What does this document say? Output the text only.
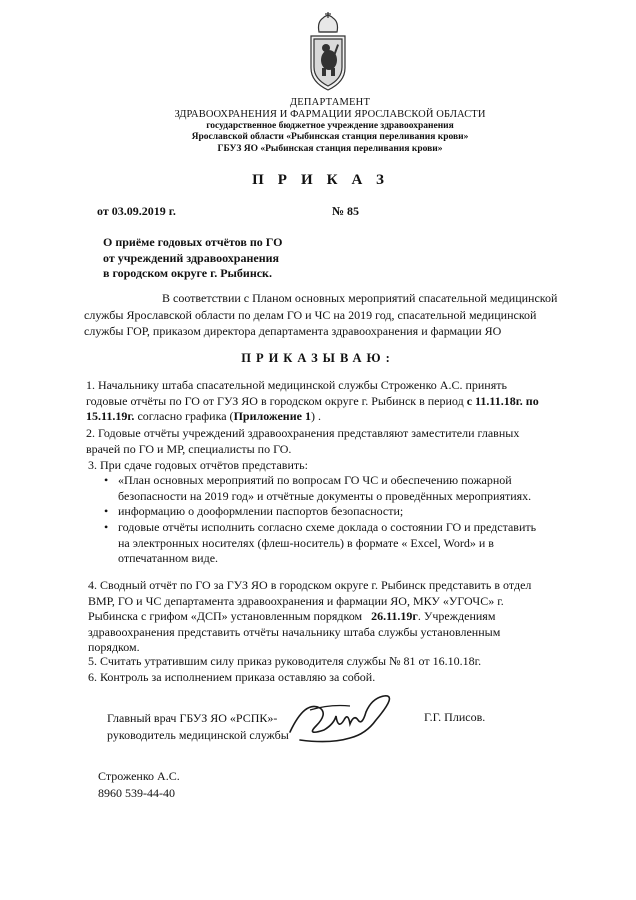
ДЕПАРТАМЕНТ
ЗДРАВООХРАНЕНИЯ И ФАРМАЦИИ ЯРОСЛАВСКОЙ ОБЛАСТИ
государственное бюджетное учреждение здравоохранения
Ярославской области «Рыбинская станция переливания крови»
ГБУЗ ЯО «Рыбинская станция переливания крови»
ПРИКАЗ
от 03.09.2019 г.	№ 85
О приёме годовых отчётов по ГО
от учреждений здравоохранения
в городском округе г. Рыбинск.
В соответствии с Планом основных мероприятий спасательной медицинской
службы Ярославской области по делам ГО и ЧС на 2019 год, спасательной медицинской
службы ГОР, приказом директора департамента здравоохранения и фармации ЯО
ПРИКАЗЫВАЮ:
1. Начальнику штаба спасательной медицинской службы Строженко А.С. принять
годовые отчёты по ГО от ГУЗ ЯО в городском округе г. Рыбинск в период с 11.11.18г. по
15.11.19г. согласно графика (Приложение 1) .
2. Годовые отчёты учреждений здравоохранения представляют заместители главных
врачей по ГО и МР, специалисты по ГО.
3. При сдаче годовых отчётов представить:
• «План основных мероприятий по вопросам ГО ЧС и обеспечению пожарной
безопасности на 2019 год» и отчётные документы о проведённых мероприятиях.
• информацию о дооформлении паспортов безопасности;
• годовые отчёты исполнить согласно схеме доклада о состоянии ГО и представить
на электронных носителях (флеш-носитель) в формате « Excel, Word» и в
отпечатанном виде.
4. Сводный отчёт по ГО за ГУЗ ЯО в городском округе г. Рыбинск представить в отдел
ВМР, ГО и ЧС департамента здравоохранения и фармации ЯО, МКУ «УГОЧС» г.
Рыбинска с грифом «ДСП» установленным порядком   26.11.19г. Учреждениям
здравоохранения представить отчёты начальнику штаба службы установленным
порядком.
5. Считать утратившим силу приказ руководителя службы № 81 от 16.10.18г.
6. Контроль за исполнением приказа оставляю за собой.
Главный врач ГБУЗ ЯО «РСПК»-
руководитель медицинской службы
Г.Г. Плисов.
Строженко А.С.
8960 539-44-40
